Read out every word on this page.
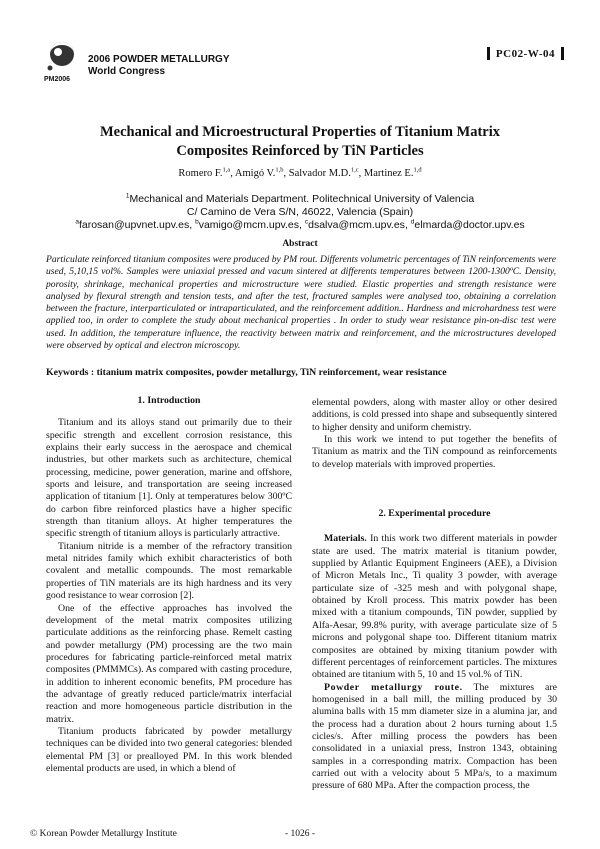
PM2006
2006 POWDER METALLURGY
World Congress
PC02-W-04
Mechanical and Microestructural Properties of Titanium Matrix
Composites Reinforced by TiN Particles
Romero F.$^{1,a}$, Amigó V.$^{1,b}$, Salvador M.D.$^{1,c}$, Martinez E.$^{1,d}$
$^1$Mechanical and Materials Department. Politechnical University of Valencia
C/ Camino de Vera S/N, 46022, Valencia (Spain)
$^a$farosan@upvnet.upv.es, $^b$vamigo@mcm.upv.es, $^c$dsalva@mcm.upv.es, $^d$elmarda@doctor.upv.es
Abstract
Particulate reinforced titanium composites were produced by PM rout. Differents volumetric percentages of TiN reinforcements were used, 5,10,15 vol%. Samples were uniaxial pressed and vacum sintered at differents temperatures between 1200-1300ºC. Density, porosity, shrinkage, mechanical properties and microstructure were studied. Elastic properties and strength resistance were analysed by flexural strength and tension tests, and after the test, fractured samples were analysed too, obtaining a correlation between the fracture, interparticulated or intraparticulated, and the reinforcement addition.. Hardness and microhardness test were applied too, in order to complete the study about mechanical properties . In order to study wear resistance pin-on-disc test were used. In addition, the temperature influence, the reactivity between matrix and reinforcement, and the microstructures developed were observed by optical and electron microscopy.
Keywords : titanium matrix composites, powder metallurgy, TiN reinforcement, wear resistance
1. Introduction

Titanium and its alloys stand out primarily due to their specific strength and excellent corrosion resistance, this explains their early success in the aerospace and chemical industries, but other markets such as architecture, chemical processing, medicine, power generation, marine and offshore, sports and leisure, and transportation are seeing increased application of titanium [1]. Only at temperatures below 300ºC do carbon fibre reinforced plastics have a higher specific strength than titanium alloys. At higher temperatures the specific strength of titanium alloys is particularly attractive.

Titanium nitride is a member of the refractory transition metal nitrides family which exhibit characteristics of both covalent and metallic compounds. The most remarkable properties of TiN materials are its high hardness and its very good resistance to wear corrosion [2].

One of the effective approaches has involved the development of the metal matrix composites utilizing particulate additions as the reinforcing phase. Remelt casting and powder metallurgy (PM) processing are the two main procedures for fabricating particle-reinforced metal matrix composites (PMMMCs). As compared with casting procedure, in addition to inherent economic benefits, PM procedure has the advantage of greatly reduced particle/matrix interfacial reaction and more homogeneous particle distribution in the matrix.

Titanium products fabricated by powder metallurgy techniques can be divided into two general categories: blended elemental PM [3] or prealloyed PM. In this work blended elemental products are used, in which a blend of

elemental powders, along with master alloy or other desired additions, is cold pressed into shape and subsequently sintered to higher density and uniform chemistry.

In this work we intend to put together the benefits of Titanium as matrix and the TiN compound as reinforcements to develop materials with improved properties.

2. Experimental procedure

Materials. In this work two different materials in powder state are used. The matrix material is titanium powder, supplied by Atlantic Equipment Engineers (AEE), a Division of Micron Metals Inc., Ti quality 3 powder, with average particulate size of -325 mesh and with polygonal shape, obtained by Kroll process. This matrix powder has been mixed with a titanium compounds, TiN powder, supplied by Alfa-Aesar, 99.8% purity, with average particulate size of 5 microns and polygonal shape too. Different titanium matrix composites are obtained by mixing titanium powder with different percentages of reinforcement particles. The mixtures obtained are titanium with 5, 10 and 15 vol.% of TiN.

Powder metallurgy route. The mixtures are homogenised in a ball mill, the milling produced by 30 alumina balls with 15 mm diameter size in a alumina jar, and the process had a duration about 2 hours turning about 1.5 cicles/s. After milling process the powders has been consolidated in a uniaxial press, Instron 1343, obtaining samples in a corresponding matrix. Compaction has been carried out with a velocity about 5 MPa/s, to a maximum pressure of 680 MPa. After the compaction process, the

© Korean Powder Metallurgy Institute	- 1026 -
